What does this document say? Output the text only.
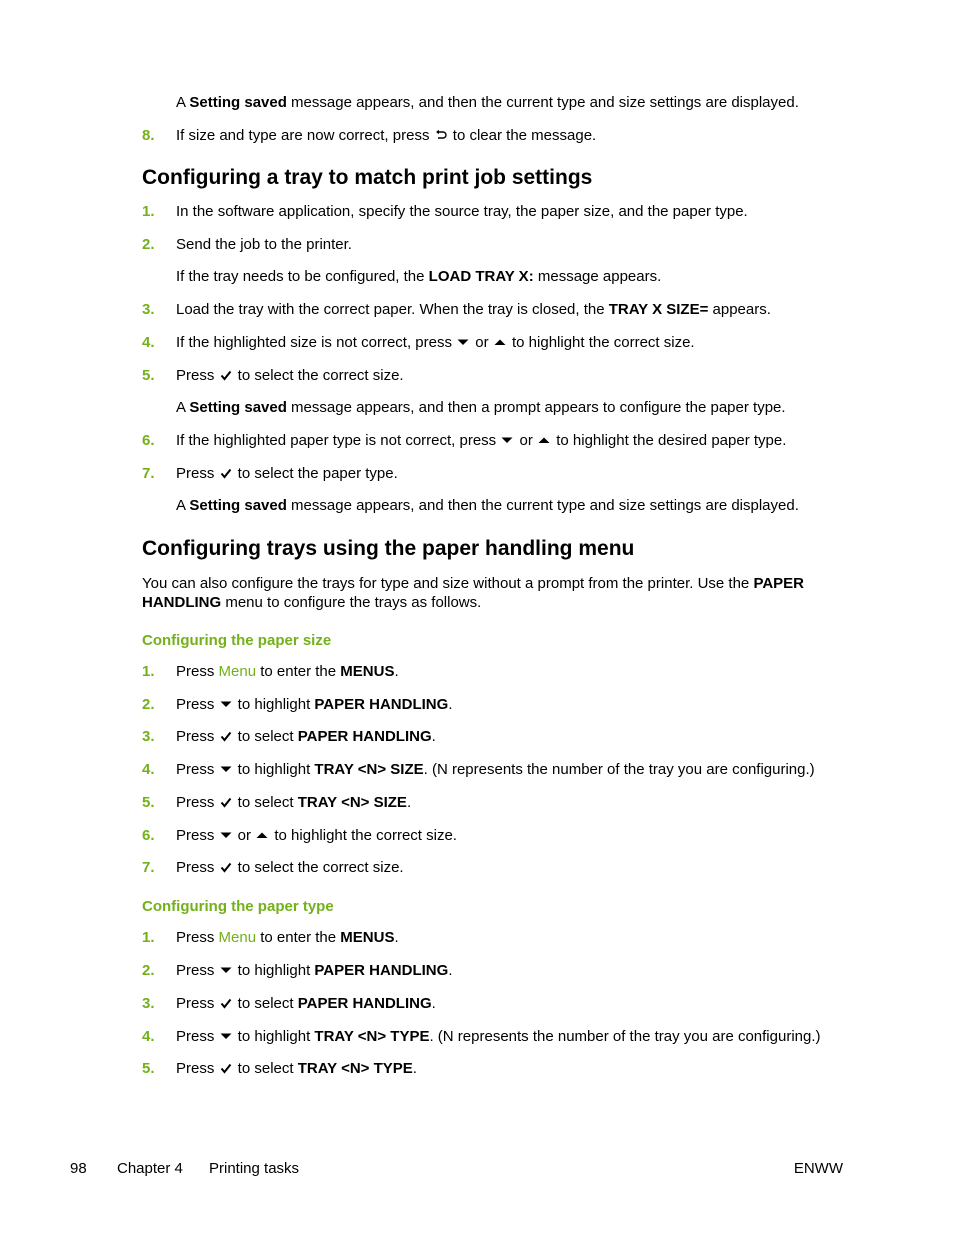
A Setting saved message appears, and then the current type and size settings are displayed.
8. If size and type are now correct, press  to clear the message.
Configuring a tray to match print job settings
1. In the software application, specify the source tray, the paper size, and the paper type.
2. Send the job to the printer.
If the tray needs to be configured, the LOAD TRAY X: message appears.
3. Load the tray with the correct paper. When the tray is closed, the TRAY X SIZE= appears.
4. If the highlighted size is not correct, press  or  to highlight the correct size.
5. Press  to select the correct size.
A Setting saved message appears, and then a prompt appears to configure the paper type.
6. If the highlighted paper type is not correct, press  or  to highlight the desired paper type.
7. Press  to select the paper type.
A Setting saved message appears, and then the current type and size settings are displayed.
Configuring trays using the paper handling menu
You can also configure the trays for type and size without a prompt from the printer. Use the PAPER HANDLING menu to configure the trays as follows.
Configuring the paper size
1. Press Menu to enter the MENUS.
2. Press  to highlight PAPER HANDLING.
3. Press  to select PAPER HANDLING.
4. Press  to highlight TRAY <N> SIZE. (N represents the number of the tray you are configuring.)
5. Press  to select TRAY <N> SIZE.
6. Press  or  to highlight the correct size.
7. Press  to select the correct size.
Configuring the paper type
1. Press Menu to enter the MENUS.
2. Press  to highlight PAPER HANDLING.
3. Press  to select PAPER HANDLING.
4. Press  to highlight TRAY <N> TYPE. (N represents the number of the tray you are configuring.)
5. Press  to select TRAY <N> TYPE.
98 Chapter 4 Printing tasks	ENWW
